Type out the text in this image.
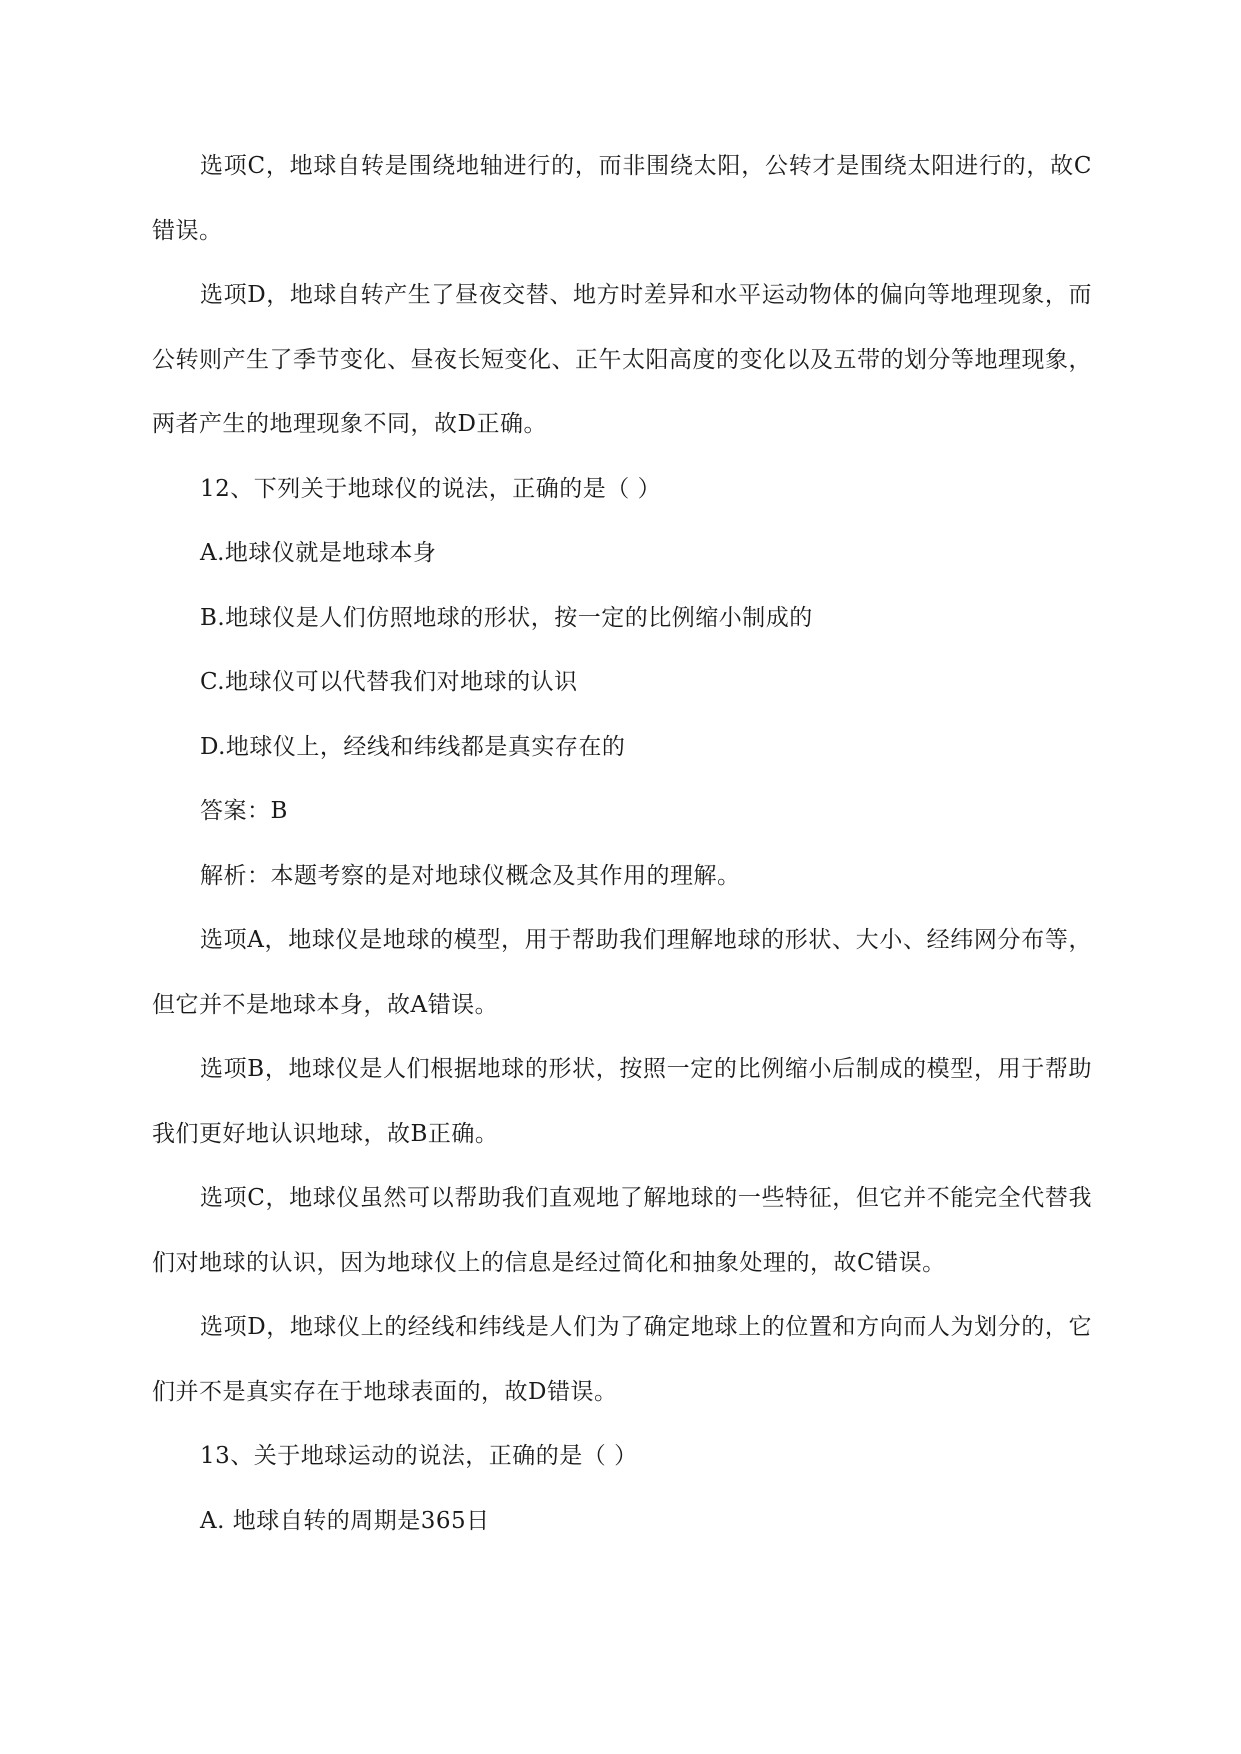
选项C，地球自转是围绕地轴进行的，而非围绕太阳，公转才是围绕太阳进行的，故C错误。

选项D，地球自转产生了昼夜交替、地方时差异和水平运动物体的偏向等地理现象，而公转则产生了季节变化、昼夜长短变化、正午太阳高度的变化以及五带的划分等地理现象，两者产生的地理现象不同，故D正确。

12、下列关于地球仪的说法，正确的是（ ）

A.地球仪就是地球本身

B.地球仪是人们仿照地球的形状，按一定的比例缩小制成的

C.地球仪可以代替我们对地球的认识

D.地球仪上，经线和纬线都是真实存在的

答案：B

解析：本题考察的是对地球仪概念及其作用的理解。

选项A，地球仪是地球的模型，用于帮助我们理解地球的形状、大小、经纬网分布等，但它并不是地球本身，故A错误。

选项B，地球仪是人们根据地球的形状，按照一定的比例缩小后制成的模型，用于帮助我们更好地认识地球，故B正确。

选项C，地球仪虽然可以帮助我们直观地了解地球的一些特征，但它并不能完全代替我们对地球的认识，因为地球仪上的信息是经过简化和抽象处理的，故C错误。

选项D，地球仪上的经线和纬线是人们为了确定地球上的位置和方向而人为划分的，它们并不是真实存在于地球表面的，故D错误。

13、关于地球运动的说法，正确的是（ ）

A. 地球自转的周期是365日
